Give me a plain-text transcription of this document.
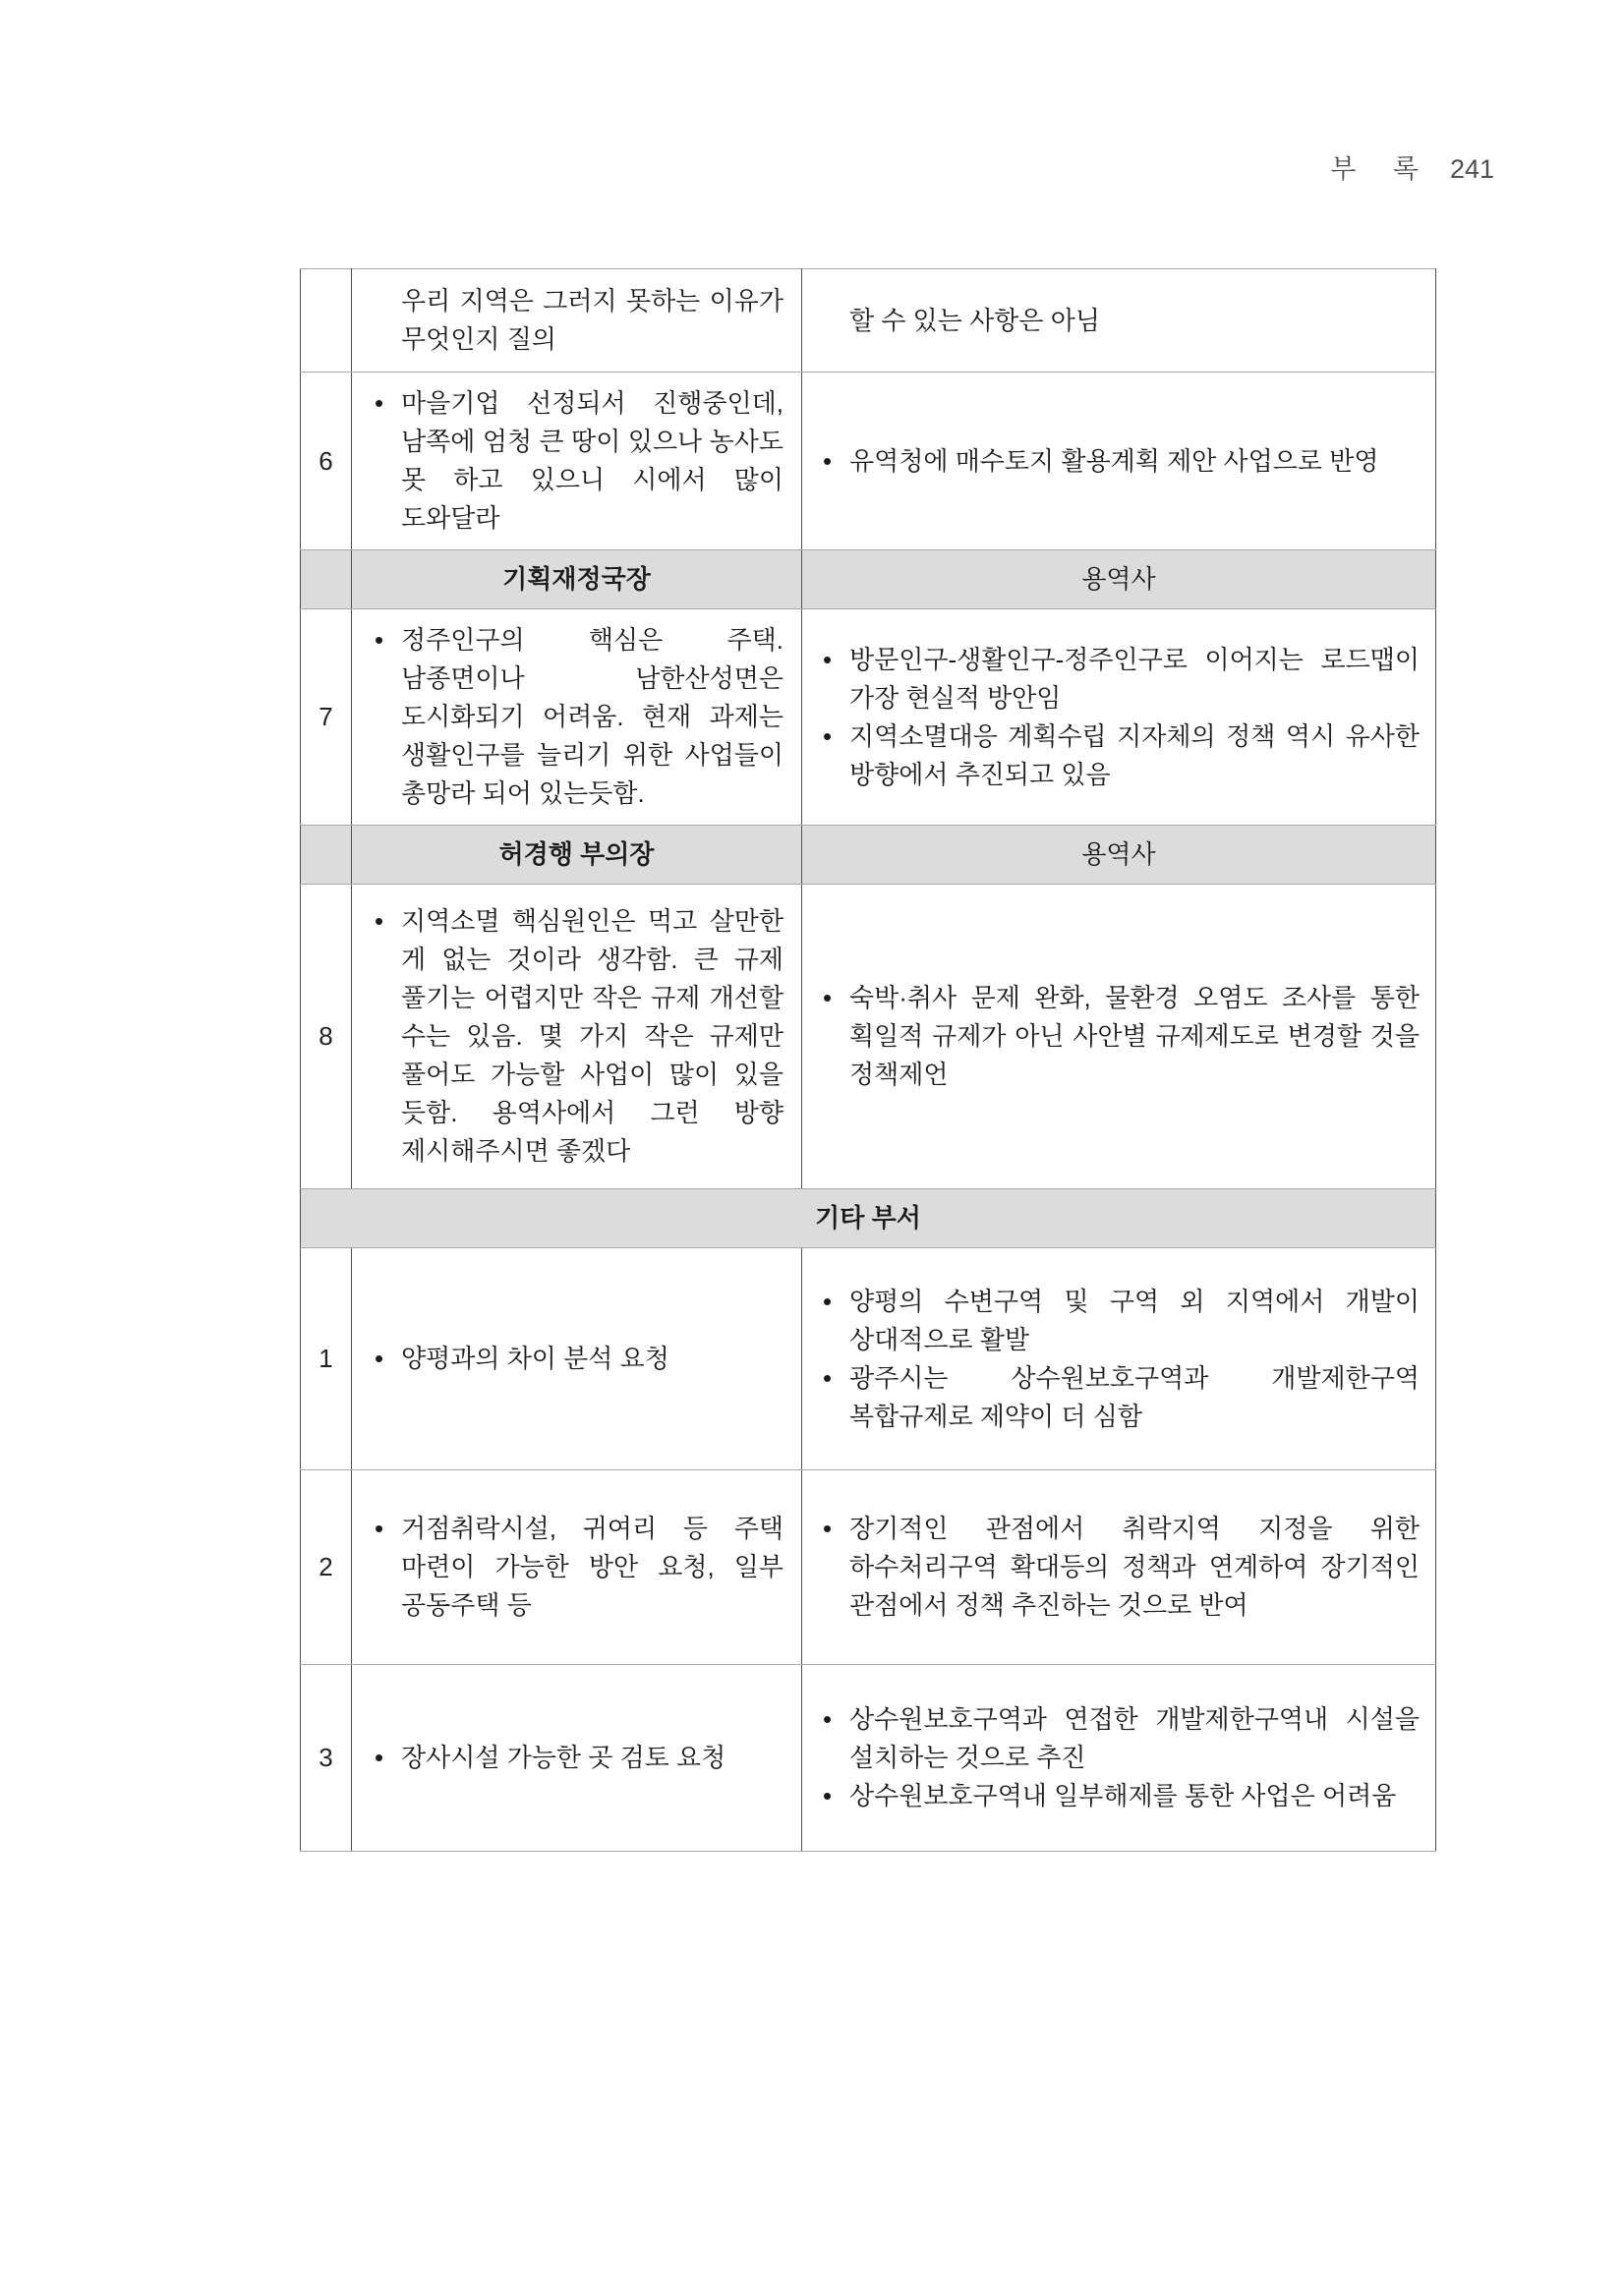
부 록 241

	우리 지역은 그러지 못하는 이유가 무엇인지 질의	할 수 있는 사항은 아님

6	• 마을기업 선정되서 진행중인데, 남쪽에 엄청 큰 땅이 있으나 농사도 못 하고 있으니 시에서 많이 도와달라	• 유역청에 매수토지 활용계획 제안 사업으로 반영

	기획재정국장	용역사
7	• 정주인구의 핵심은 주택. 남종면이나 남한산성면은 도시화되기 어려움. 현재 과제는 생활인구를 늘리기 위한 사업들이 총망라 되어 있는듯함.	• 방문인구-생활인구-정주인구로 이어지는 로드맵이 가장 현실적 방안임
• 지역소멸대응 계획수립 지자체의 정책 역시 유사한 방향에서 추진되고 있음

	허경행 부의장	용역사
8	• 지역소멸 핵심원인은 먹고 살만한 게 없는 것이라 생각함. 큰 규제 풀기는 어렵지만 작은 규제 개선할 수는 있음. 몇 가지 작은 규제만 풀어도 가능할 사업이 많이 있을 듯함. 용역사에서 그런 방향 제시해주시면 좋겠다	• 숙박·취사 문제 완화, 물환경 오염도 조사를 통한 획일적 규제가 아닌 사안별 규제제도로 변경할 것을 정책제언

기타 부서		
1	• 양평과의 차이 분석 요청	• 양평의 수변구역 및 구역 외 지역에서 개발이 상대적으로 활발
• 광주시는 상수원보호구역과 개발제한구역 복합규제로 제약이 더 심함

2	• 거점취락시설, 귀여리 등 주택 마련이 가능한 방안 요청, 일부 공동주택 등	• 장기적인 관점에서 취락지역 지정을 위한 하수처리구역 확대등의 정책과 연계하여 장기적인 관점에서 정책 추진하는 것으로 반여

3	• 장사시설 가능한 곳 검토 요청	• 상수원보호구역과 연접한 개발제한구역내 시설을 설치하는 것으로 추진
• 상수원보호구역내 일부해제를 통한 사업은 어려움
